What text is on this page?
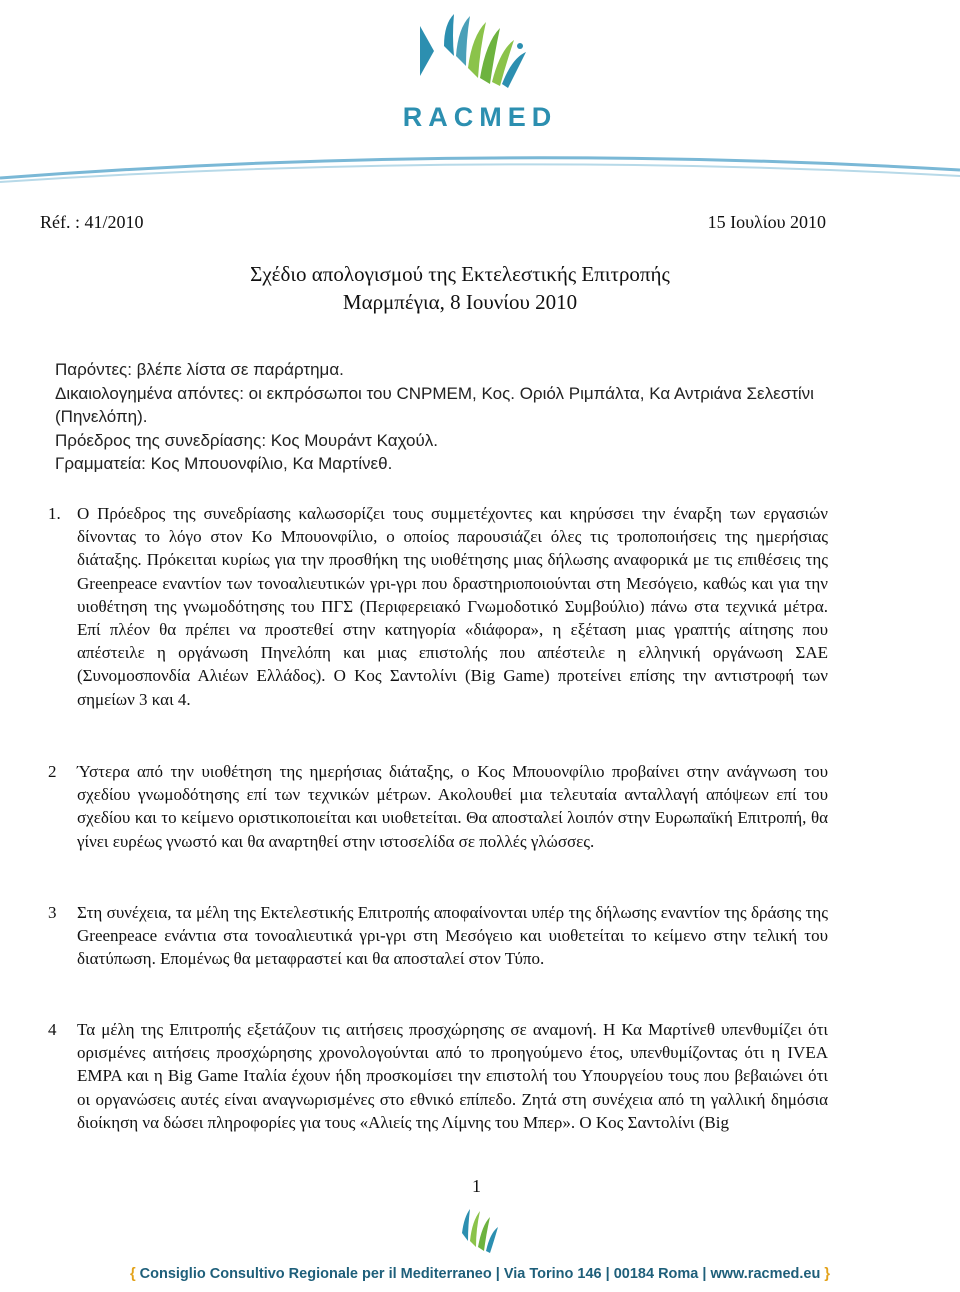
RACMED
Réf. : 41/2010	15 Ιουλίου 2010
Σχέδιο απολογισμού της Εκτελεστικής Επιτροπής
Μαρμπέγια, 8 Ιουνίου 2010

Παρόντες: βλέπε λίστα σε παράρτημα.

Δικαιολογημένα απόντες: οι εκπρόσωποι του CNPMEM, Κος. Οριόλ Ριμπάλτα, Κα Αντριάνα Σελεστίνι (Πηνελόπη).

Πρόεδρος της συνεδρίασης: Κος Μουράντ Καχούλ.

Γραμματεία: Κος Μπουονφίλιο, Κα Μαρτίνεθ.

1. Ο Πρόεδρος της συνεδρίασης καλωσορίζει τους συμμετέχοντες και κηρύσσει την έναρξη των εργασιών δίνοντας το λόγο στον Κο Μπουονφίλιο, ο οποίος παρουσιάζει όλες τις τροποποιήσεις της ημερήσιας διάταξης. Πρόκειται κυρίως για την προσθήκη της υιοθέτησης μιας δήλωσης αναφορικά με τις επιθέσεις της Greenpeace εναντίον των τονοαλιευτικών γρι-γρι που δραστηριοποιούνται στη Μεσόγειο, καθώς και για την υιοθέτηση της γνωμοδότησης του ΠΓΣ (Περιφερειακό Γνωμοδοτικό Συμβούλιο) πάνω στα τεχνικά μέτρα. Επί πλέον θα πρέπει να προστεθεί στην κατηγορία «διάφορα», η εξέταση μιας γραπτής αίτησης που απέστειλε η οργάνωση Πηνελόπη και μιας επιστολής που απέστειλε η ελληνική οργάνωση ΣΑΕ (Συνομοσπονδία Αλιέων Ελλάδος). Ο Κος Σαντολίνι (Big Game) προτείνει επίσης την αντιστροφή των σημείων 3 και 4.
2 Ύστερα από την υιοθέτηση της ημερήσιας διάταξης, ο Κος Μπουονφίλιο προβαίνει στην ανάγνωση του σχεδίου γνωμοδότησης επί των τεχνικών μέτρων. Ακολουθεί μια τελευταία ανταλλαγή απόψεων επί του σχεδίου και το κείμενο οριστικοποιείται και υιοθετείται. Θα αποσταλεί λοιπόν στην Ευρωπαϊκή Επιτροπή, θα γίνει ευρέως γνωστό και θα αναρτηθεί στην ιστοσελίδα σε πολλές γλώσσες.
3 Στη συνέχεια, τα μέλη της Εκτελεστικής Επιτροπής αποφαίνονται υπέρ της δήλωσης εναντίον της δράσης της Greenpeace ενάντια στα τονοαλιευτικά γρι-γρι στη Μεσόγειο και υιοθετείται το κείμενο στην τελική του διατύπωση. Επομένως θα μεταφραστεί και θα αποσταλεί στον Τύπο.
4 Τα μέλη της Επιτροπής εξετάζουν τις αιτήσεις προσχώρησης σε αναμονή. Η Κα Μαρτίνεθ υπενθυμίζει ότι ορισμένες αιτήσεις προσχώρησης χρονολογούνται από το προηγούμενο έτος, υπενθυμίζοντας ότι η IVEA EMPA και η Big Game Ιταλία έχουν ήδη προσκομίσει την επιστολή του Υπουργείου τους που βεβαιώνει ότι οι οργανώσεις αυτές είναι αναγνωρισμένες στο εθνικό επίπεδο. Ζητά στη συνέχεια από τη γαλλική δημόσια διοίκηση να δώσει πληροφορίες για τους «Αλιείς της Λίμνης του Μπερ». Ο Κος Σαντολίνι (Big
1
{ Consiglio Consultivo Regionale per il Mediterraneo | Via Torino 146 | 00184 Roma | www.racmed.eu }
